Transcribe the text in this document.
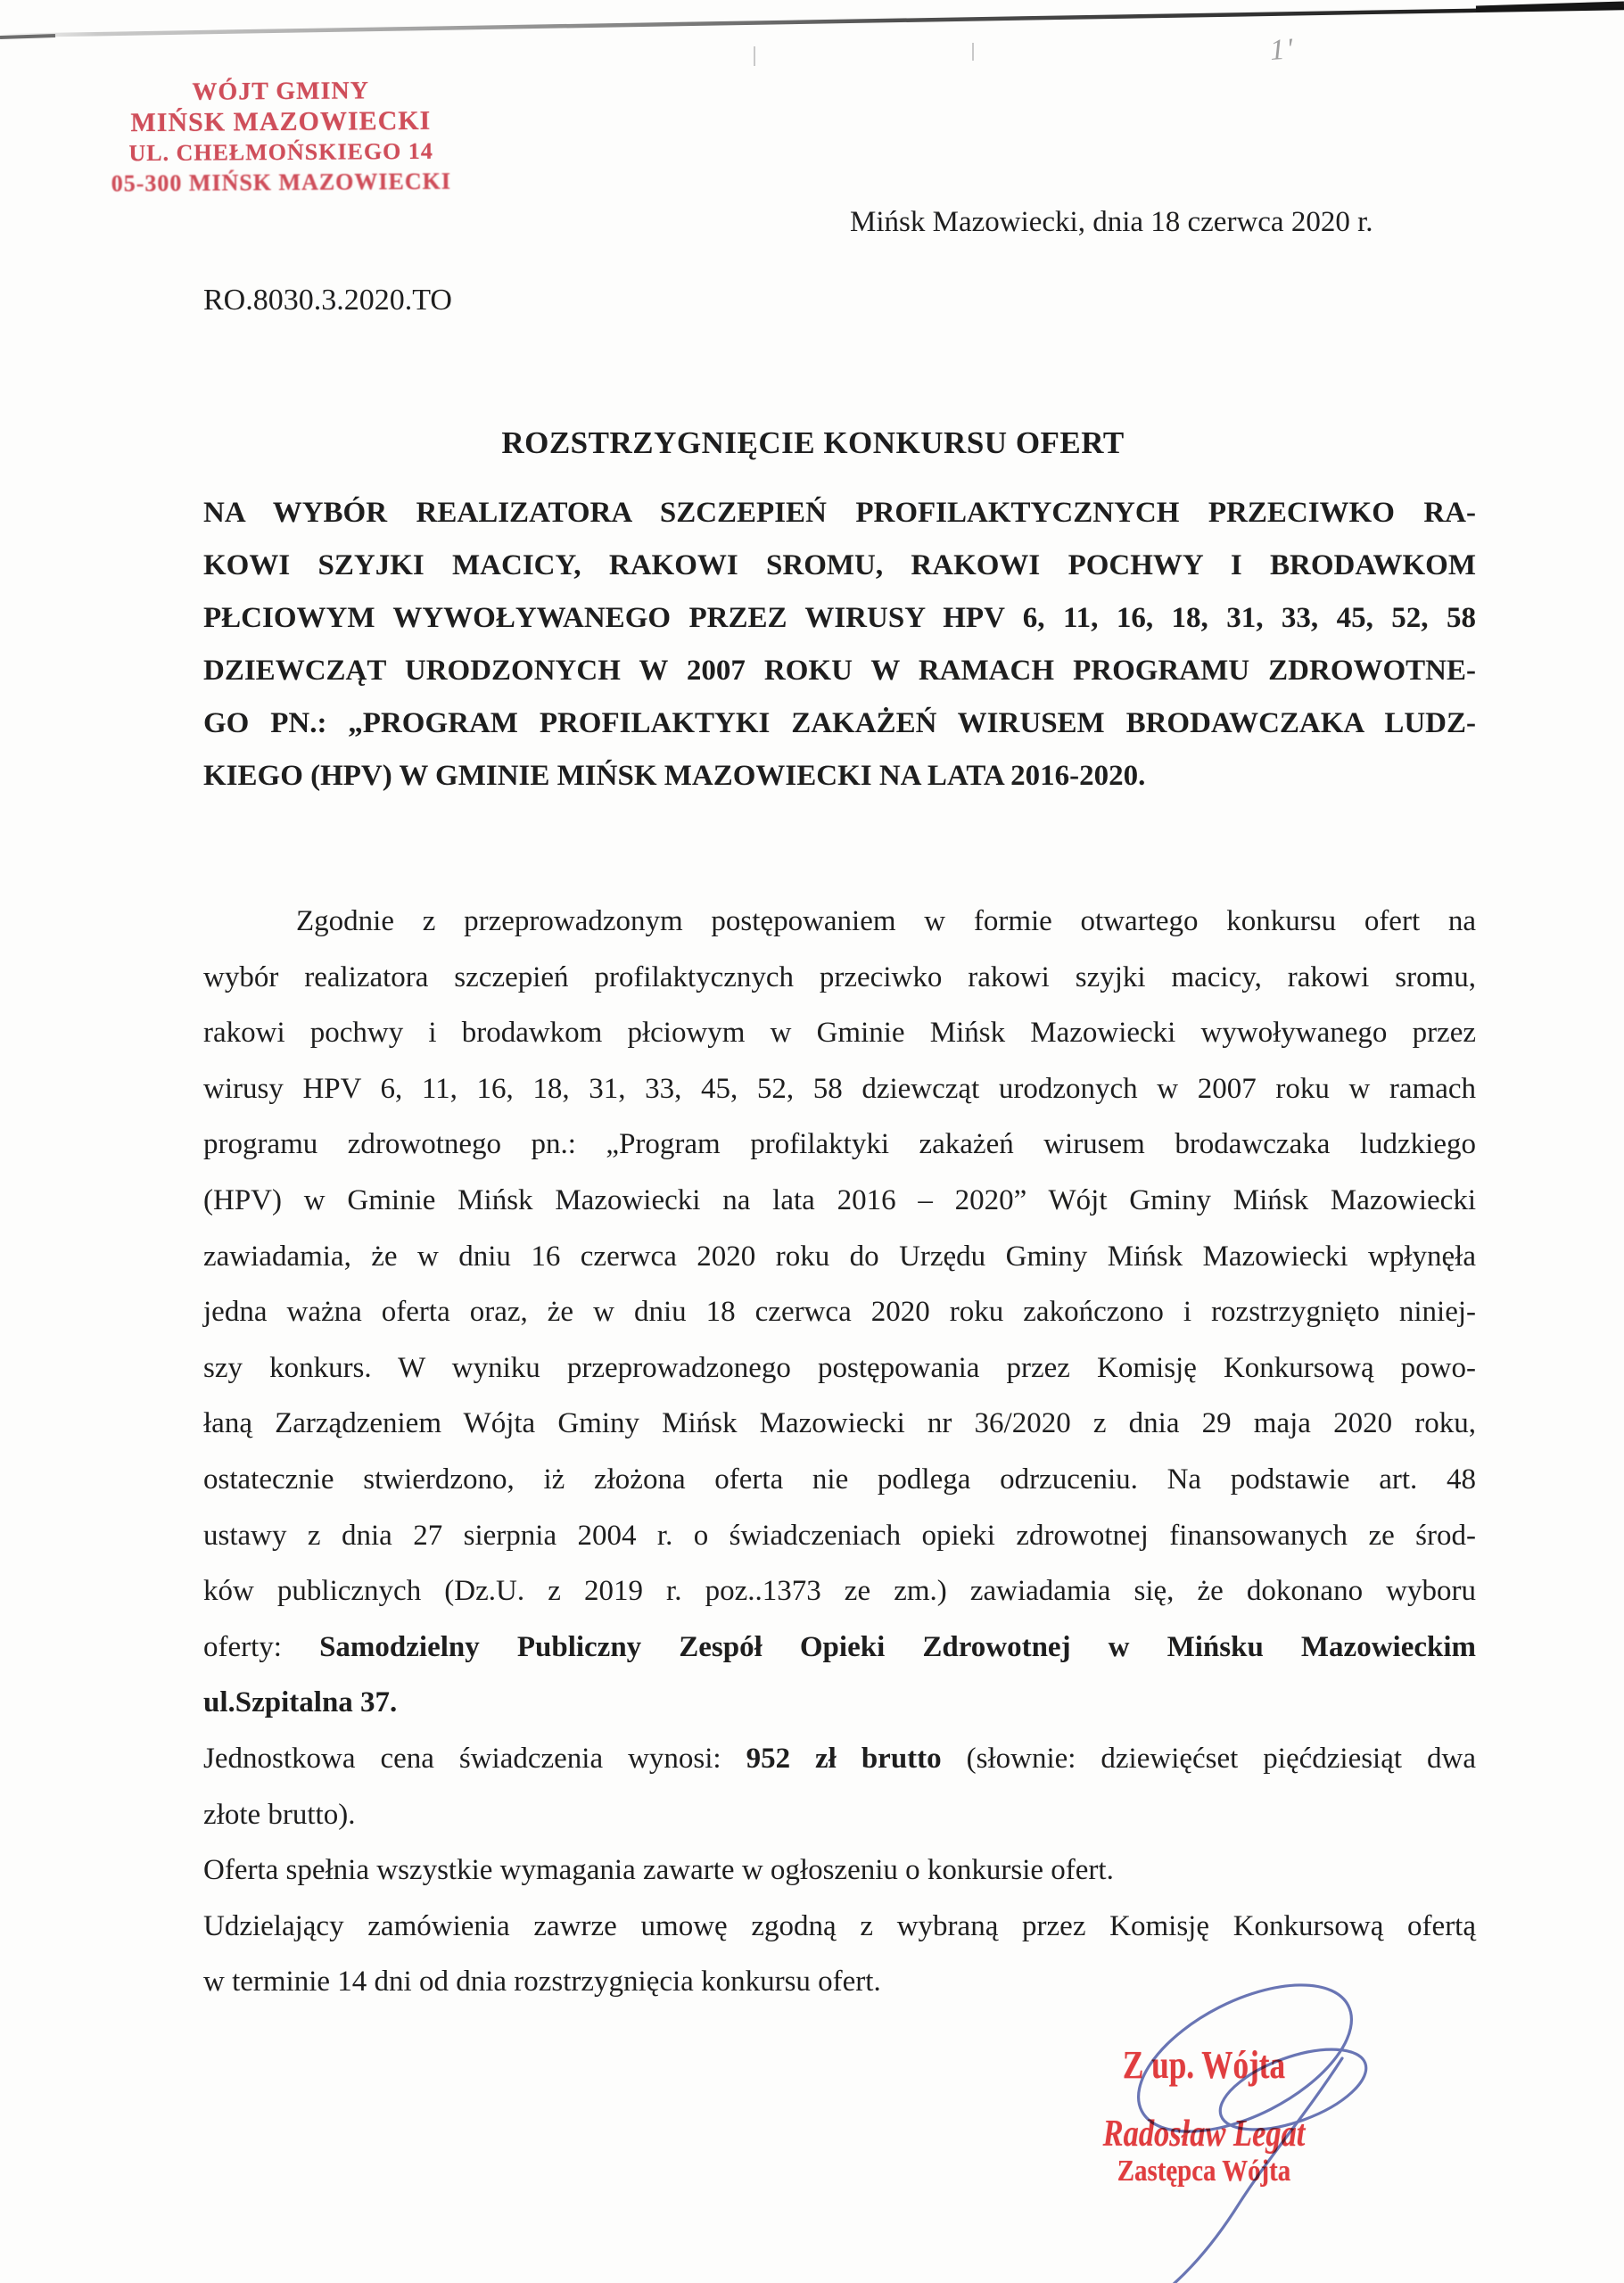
1'
WÓJT GMINY
MIŃSK MAZOWIECKI
UL. CHEŁMOŃSKIEGO 14
05-300 MIŃSK MAZOWIECKI
Mińsk Mazowiecki, dnia 18 czerwca 2020 r.
RO.8030.3.2020.TO
ROZSTRZYGNIĘCIE KONKURSU OFERT
NA WYBÓR REALIZATORA SZCZEPIEŃ PROFILAKTYCZNYCH PRZECIWKO RA-
KOWI SZYJKI MACICY, RAKOWI SROMU, RAKOWI POCHWY I BRODAWKOM
PŁCIOWYM WYWOŁYWANEGO PRZEZ WIRUSY HPV 6, 11, 16, 18, 31, 33, 45, 52, 58
DZIEWCZĄT URODZONYCH W 2007 ROKU W RAMACH PROGRAMU ZDROWOTNE-
GO PN.: „PROGRAM PROFILAKTYKI ZAKAŻEŃ WIRUSEM BRODAWCZAKA LUDZ-
KIEGO (HPV) W GMINIE MIŃSK MAZOWIECKI NA LATA 2016-2020.
Zgodnie z przeprowadzonym postępowaniem w formie otwartego konkursu ofert na
wybór realizatora szczepień profilaktycznych przeciwko rakowi szyjki macicy, rakowi sromu,
rakowi pochwy i brodawkom płciowym w Gminie Mińsk Mazowiecki wywoływanego przez
wirusy HPV 6, 11, 16, 18, 31, 33, 45, 52, 58 dziewcząt urodzonych w 2007 roku w ramach
programu zdrowotnego pn.: „Program profilaktyki zakażeń wirusem brodawczaka ludzkiego
(HPV) w Gminie Mińsk Mazowiecki na lata 2016 – 2020” Wójt Gminy Mińsk Mazowiecki
zawiadamia, że w dniu 16 czerwca 2020 roku do Urzędu Gminy Mińsk Mazowiecki wpłynęła
jedna ważna oferta oraz, że w dniu 18 czerwca 2020 roku zakończono i rozstrzygnięto niniej-
szy konkurs. W wyniku przeprowadzonego postępowania przez Komisję Konkursową powo-
łaną Zarządzeniem Wójta Gminy Mińsk Mazowiecki nr 36/2020 z dnia 29 maja 2020 roku,
ostatecznie stwierdzono, iż złożona oferta nie podlega odrzuceniu. Na podstawie art. 48
ustawy z dnia 27 sierpnia 2004 r. o świadczeniach opieki zdrowotnej finansowanych ze środ-
ków publicznych (Dz.U. z 2019 r. poz..1373 ze zm.) zawiadamia się, że dokonano wyboru
oferty: Samodzielny Publiczny Zespół Opieki Zdrowotnej w Mińsku Mazowieckim
ul.Szpitalna 37.
Jednostkowa cena świadczenia wynosi: 952 zł brutto (słownie: dziewięćset pięćdziesiąt dwa
złote brutto).
Oferta spełnia wszystkie wymagania zawarte w ogłoszeniu o konkursie ofert.
Udzielający zamówienia zawrze umowę zgodną z wybraną przez Komisję Konkursową ofertą
w terminie 14 dni od dnia rozstrzygnięcia konkursu ofert.
Z up. Wójta
Radosław Legat
Zastępca Wójta
